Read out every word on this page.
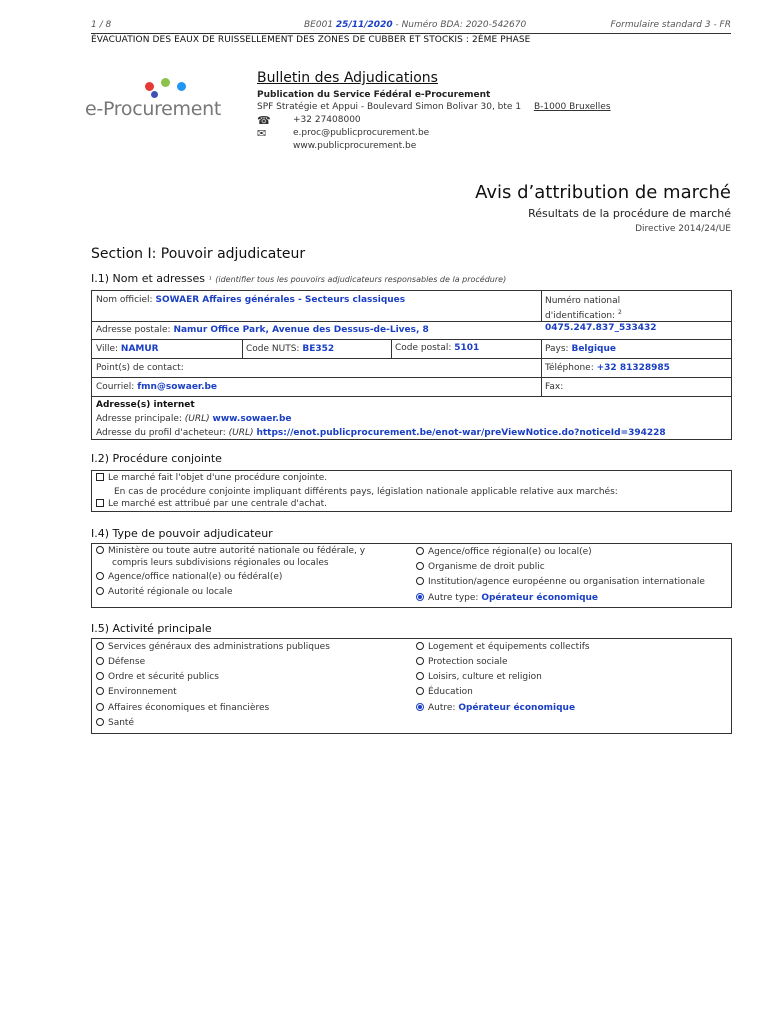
1 / 8	BE001 25/11/2020 - Numéro BDA: 2020-542670	Formulaire standard 3 - FR
ÉVACUATION DES EAUX DE RUISSELLEMENT DES ZONES DE CUBBER ET STOCKIS : 2ÈME PHASE
e-Procurement
Bulletin des Adjudications
Publication du Service Fédéral e-Procurement
SPF Stratégie et Appui - Boulevard Simon Bolivar 30, bte 1 B-1000 Bruxelles
☎ +32 27408000
✉	e.proc@publicprocurement.be
www.publicprocurement.be
Avis d’attribution de marché
Résultats de la procédure de marché
Directive 2014/24/UE
Section I: Pouvoir adjudicateur
I.1) Nom et adresses ¹ (identifier tous les pouvoirs adjudicateurs responsables de la procédure)
Nom officiel: SOWAER Affaires générales - Secteurs classiques	Numéro national
d'identification: $^2$ 0475.247.837_533432
Adresse postale: Namur Office Park, Avenue des Dessus-de-Lives, 8
Ville: NAMUR	Code NUTS: BE352	Code postal: 5101	Pays: Belgique
Point(s) de contact:	Téléphone: +32 81328985
Courriel: fmn@sowaer.be	Fax:
Adresse(s) internet
Adresse principale: (URL) www.sowaer.be
Adresse du profil d'acheteur: (URL) https://enot.publicprocurement.be/enot-war/preViewNotice.do?noticeId=394228
I.2) Procédure conjointe
Le marché fait l'objet d'une procédure conjointe.
En cas de procédure conjointe impliquant différents pays, législation nationale applicable relative aux marchés:
Le marché est attribué par une centrale d'achat.
I.4) Type de pouvoir adjudicateur
Ministère ou toute autre autorité nationale ou fédérale, y
compris leurs subdivisions régionales ou locales
Agence/office national(e) ou fédéral(e)
Autorité régionale ou locale
Agence/office régional(e) ou local(e)
Organisme de droit public
Institution/agence européenne ou organisation internationale
Autre type: Opérateur économique
I.5) Activité principale
Services généraux des administrations publiques
Défense
Ordre et sécurité publics
Environnement
Affaires économiques et financières
Santé
Logement et équipements collectifs
Protection sociale
Loisirs, culture et religion
Éducation
Autre: Opérateur économique
